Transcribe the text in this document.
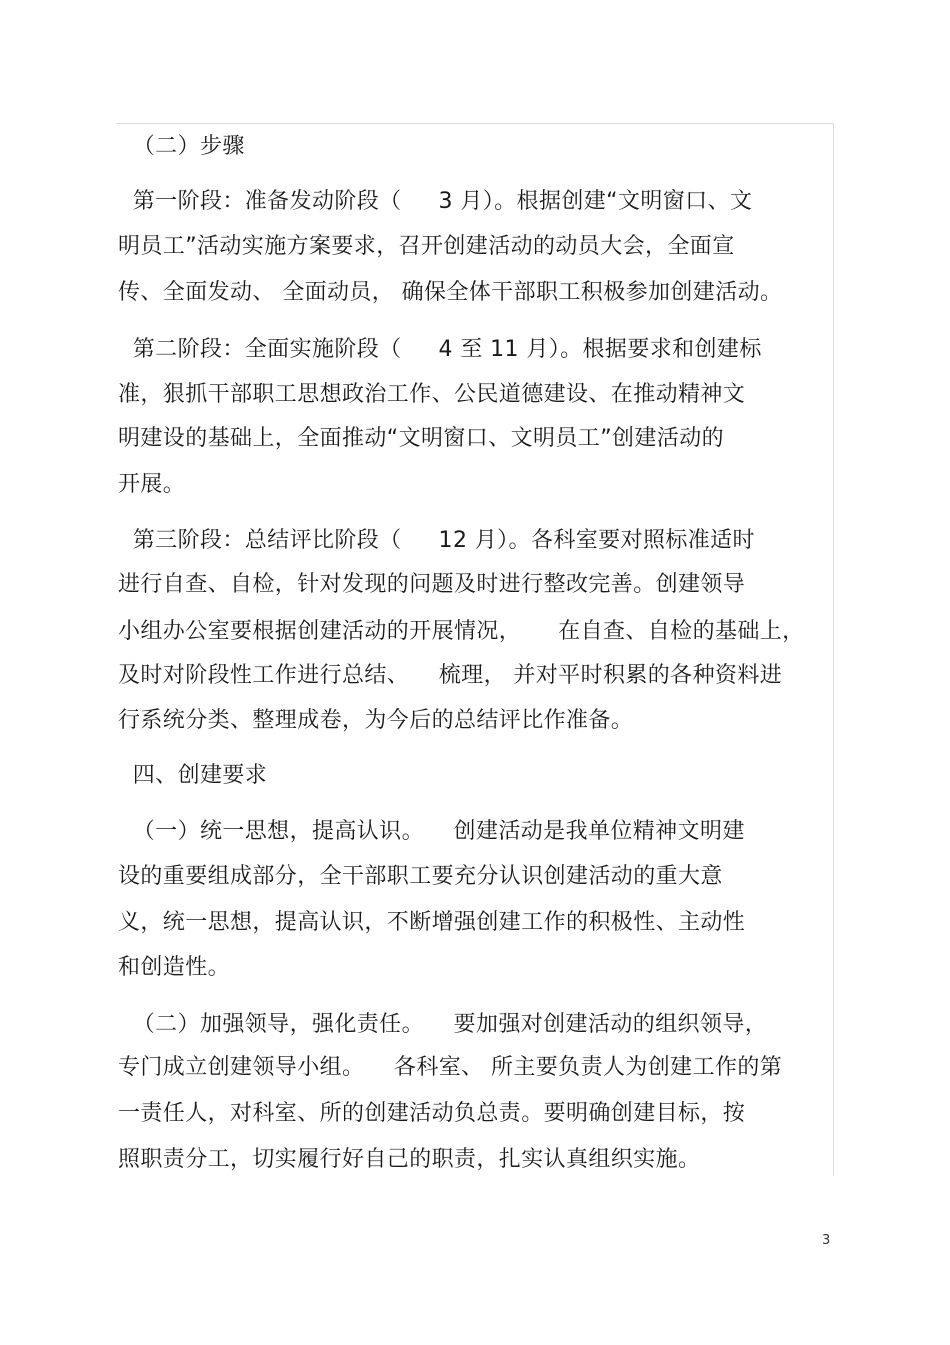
（二）步骤
第一阶段：准备发动阶段（     3 月）。根据创建“文明窗口、文
明员工”活动实施方案要求，召开创建活动的动员大会，全面宣
传、全面发动、 全面动员， 确保全体干部职工积极参加创建活动。
第二阶段：全面实施阶段（     4 至 11 月）。根据要求和创建标
准，狠抓干部职工思想政治工作、公民道德建设、在推动精神文
明建设的基础上，全面推动“文明窗口、文明员工”创建活动的
开展。
第三阶段：总结评比阶段（     12 月）。各科室要对照标准适时
进行自查、自检，针对发现的问题及时进行整改完善。创建领导
小组办公室要根据创建活动的开展情况，     在自查、自检的基础上，
及时对阶段性工作进行总结、    梳理， 并对平时积累的各种资料进
行系统分类、整理成卷，为今后的总结评比作准备。
四、创建要求
（一）统一思想，提高认识。    创建活动是我单位精神文明建
设的重要组成部分，全干部职工要充分认识创建活动的重大意
义，统一思想，提高认识，不断增强创建工作的积极性、主动性
和创造性。
（二）加强领导，强化责任。    要加强对创建活动的组织领导，
专门成立创建领导小组。    各科室、 所主要负责人为创建工作的第
一责任人，对科室、所的创建活动负总责。要明确创建目标，按
照职责分工，切实履行好自己的职责，扎实认真组织实施。
3
